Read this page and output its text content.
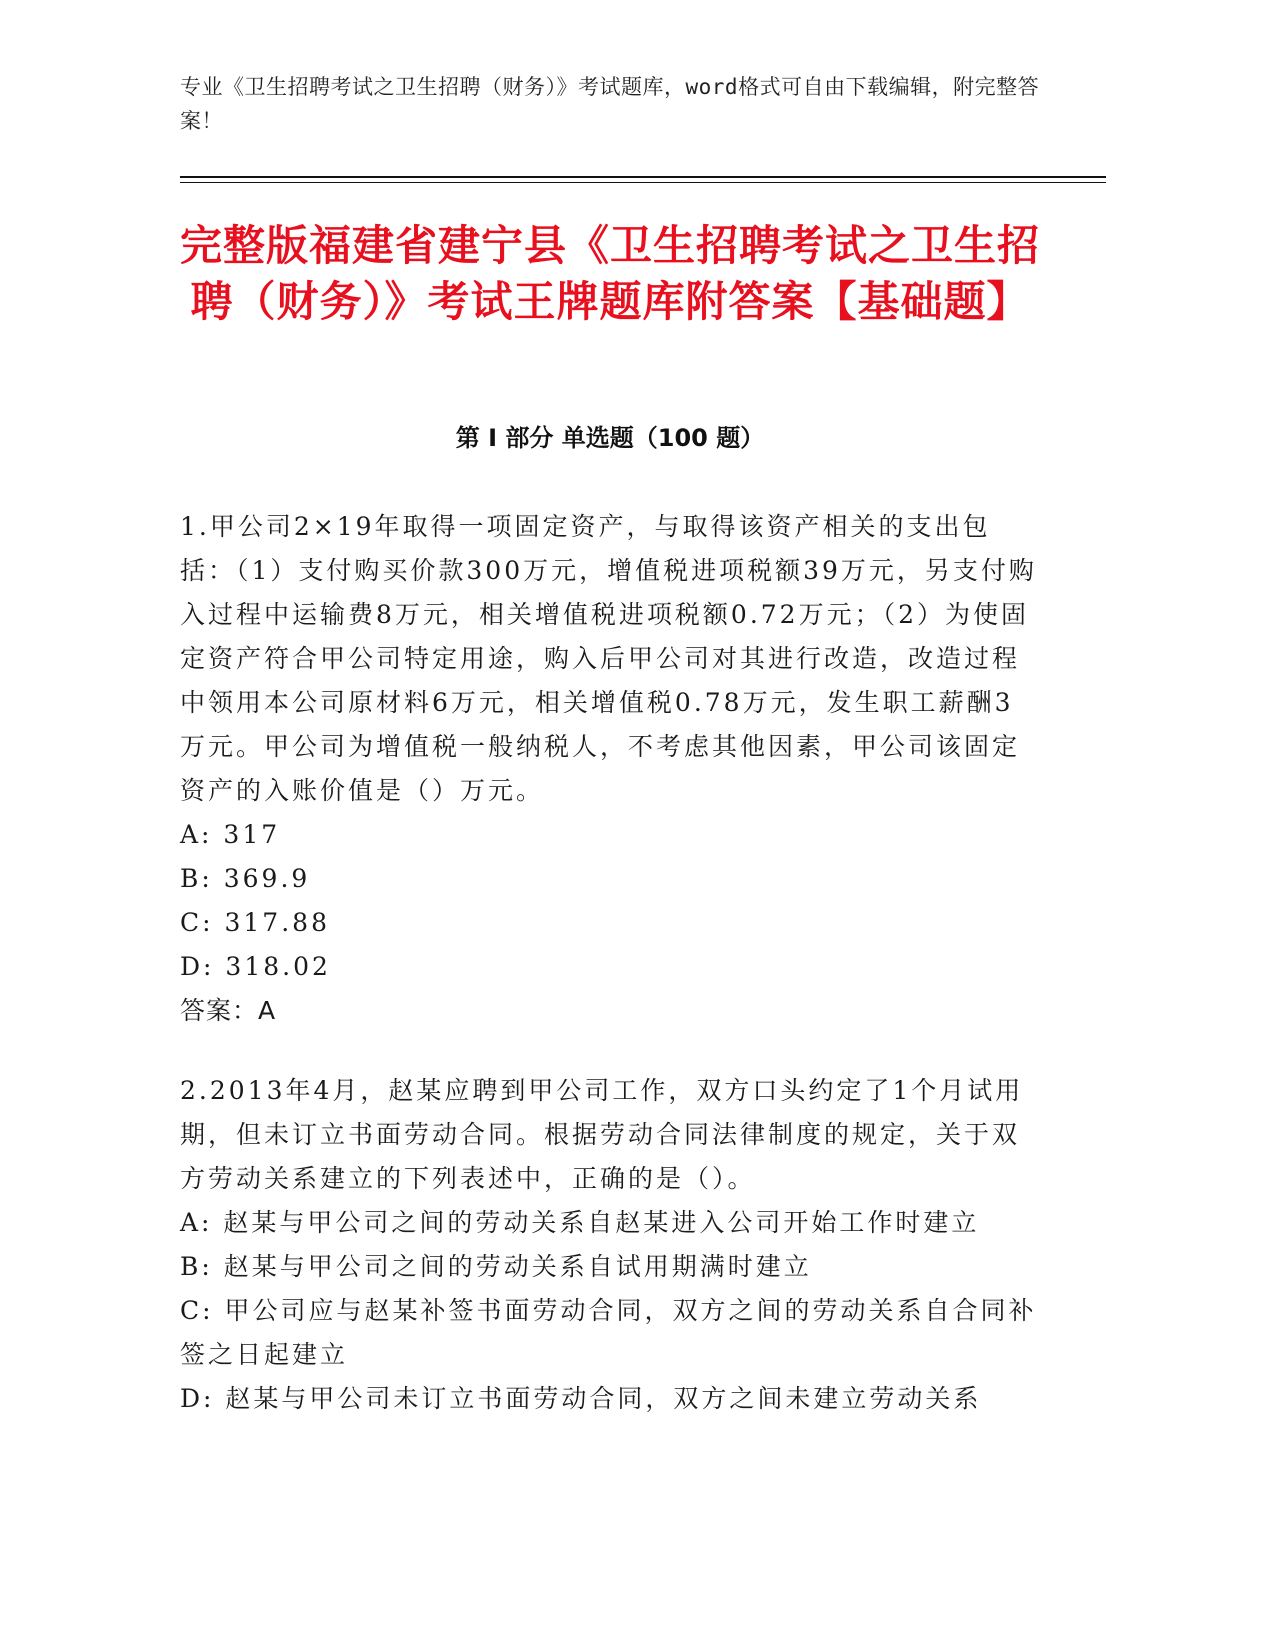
专业《卫生招聘考试之卫生招聘（财务）》考试题库，word格式可自由下载编辑，附完整答案！
完整版福建省建宁县《卫生招聘考试之卫生招聘（财务）》考试王牌题库附答案【基础题】
第 I 部分 单选题（100 题）
1.甲公司2×19年取得一项固定资产，与取得该资产相关的支出包括：（1）支付购买价款300万元，增值税进项税额39万元，另支付购入过程中运输费8万元，相关增值税进项税额0.72万元；（2）为使固定资产符合甲公司特定用途，购入后甲公司对其进行改造，改造过程中领用本公司原材料6万元，相关增值税0.78万元，发生职工薪酬3万元。甲公司为增值税一般纳税人，不考虑其他因素，甲公司该固定资产的入账价值是（）万元。
A: 317
B: 369.9
C: 317.88
D: 318.02
答案：A
2.2013年4月，赵某应聘到甲公司工作，双方口头约定了1个月试用期，但未订立书面劳动合同。根据劳动合同法律制度的规定，关于双方劳动关系建立的下列表述中，正确的是（）。
A: 赵某与甲公司之间的劳动关系自赵某进入公司开始工作时建立
B: 赵某与甲公司之间的劳动关系自试用期满时建立
C: 甲公司应与赵某补签书面劳动合同，双方之间的劳动关系自合同补签之日起建立
D: 赵某与甲公司未订立书面劳动合同，双方之间未建立劳动关系
